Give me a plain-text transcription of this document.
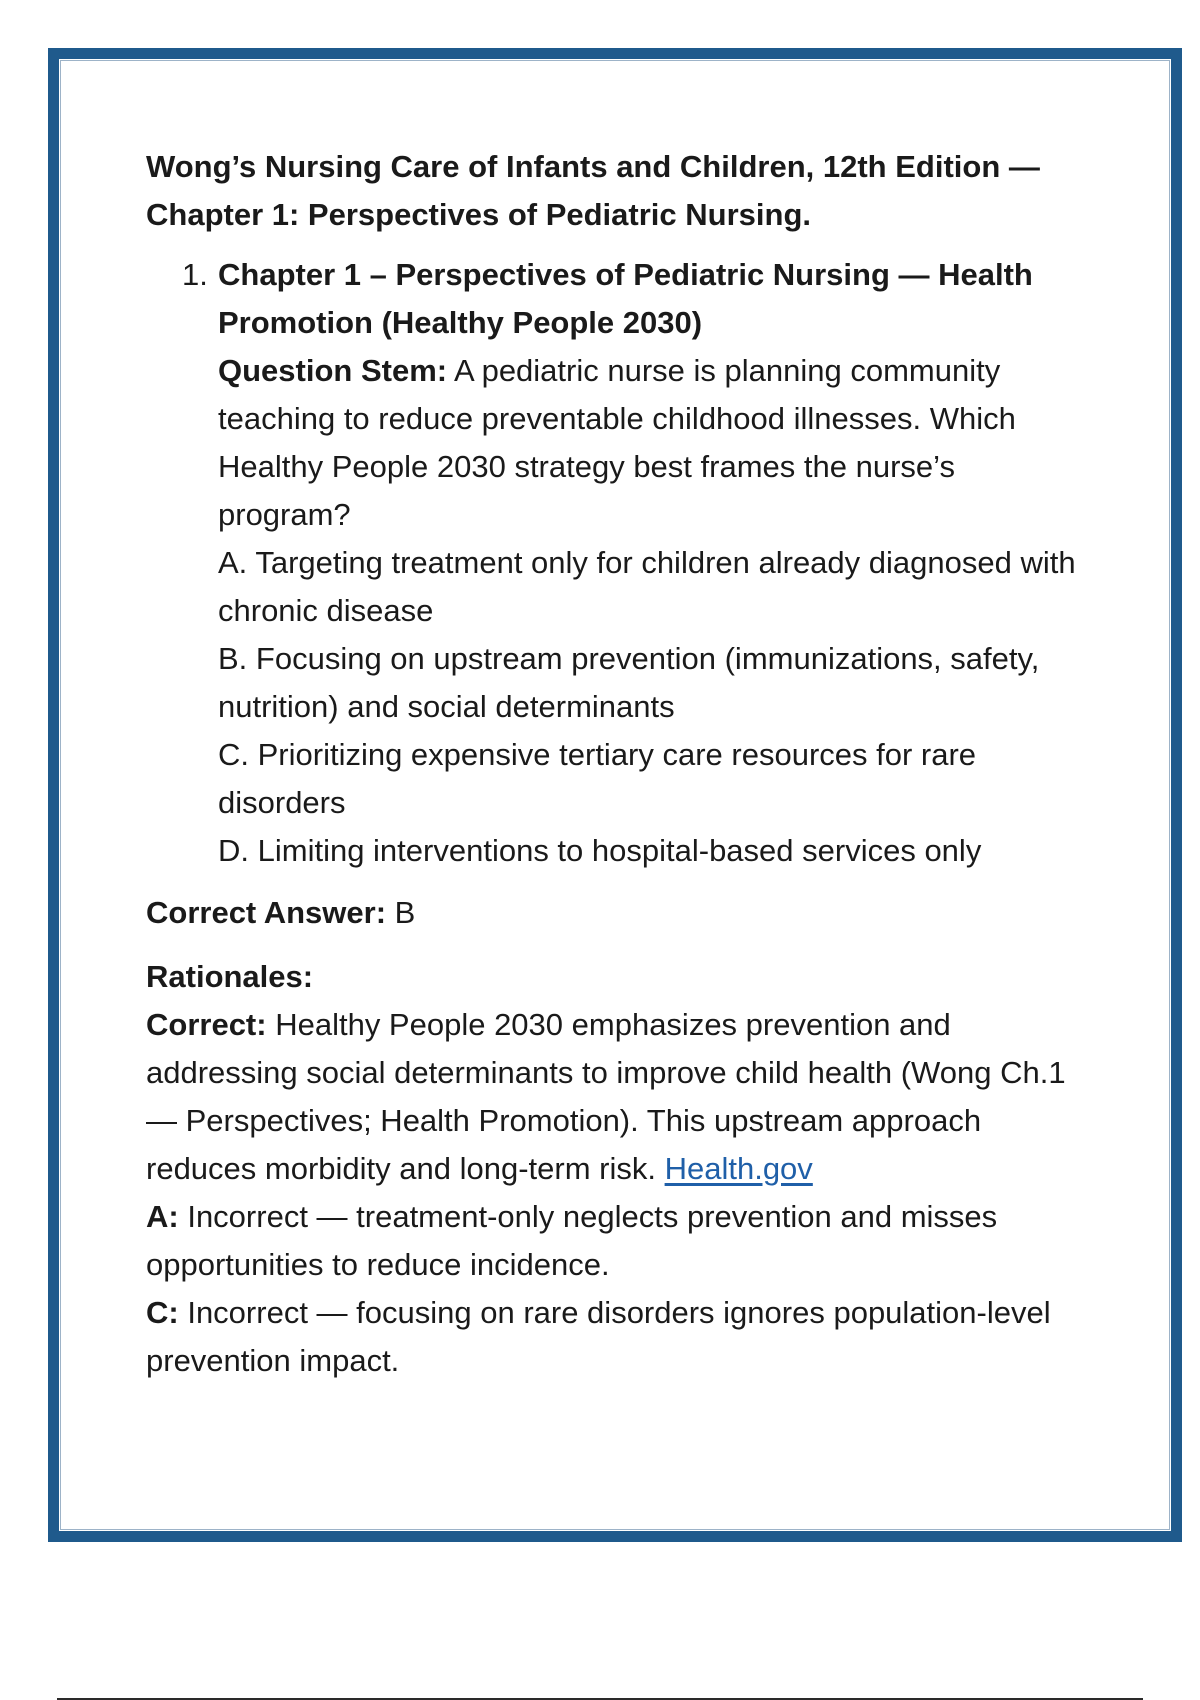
Wong’s Nursing Care of Infants and Children, 12th Edition — Chapter 1: Perspectives of Pediatric Nursing.
1. Chapter 1 – Perspectives of Pediatric Nursing — Health Promotion (Healthy People 2030)
Question Stem: A pediatric nurse is planning community teaching to reduce preventable childhood illnesses. Which Healthy People 2030 strategy best frames the nurse’s program?
A. Targeting treatment only for children already diagnosed with chronic disease
B. Focusing on upstream prevention (immunizations, safety, nutrition) and social determinants
C. Prioritizing expensive tertiary care resources for rare disorders
D. Limiting interventions to hospital-based services only
Correct Answer: B
Rationales:
Correct: Healthy People 2030 emphasizes prevention and addressing social determinants to improve child health (Wong Ch.1 — Perspectives; Health Promotion). This upstream approach reduces morbidity and long-term risk. Health.gov
A: Incorrect — treatment-only neglects prevention and misses opportunities to reduce incidence.
C: Incorrect — focusing on rare disorders ignores population-level prevention impact.
